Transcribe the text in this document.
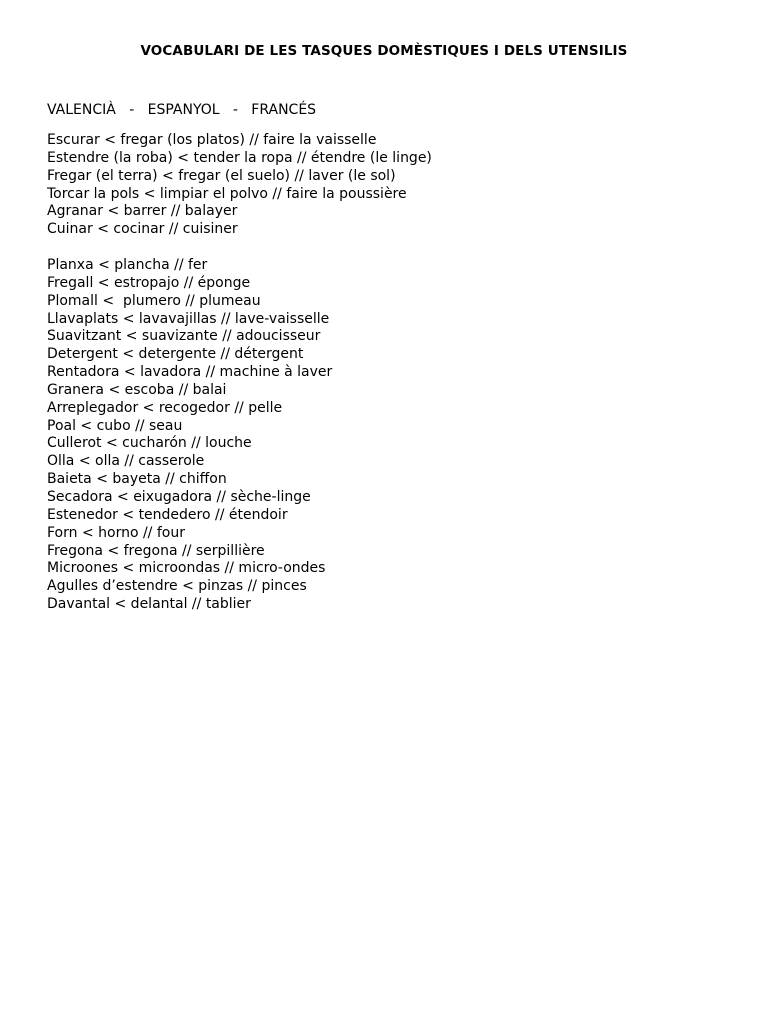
VOCABULARI DE LES TASQUES DOMÈSTIQUES I DELS UTENSILIS
VALENCIÀ   -   ESPANYOL   -   FRANCÉS
Escurar < fregar (los platos) // faire la vaisselle
Estendre (la roba) < tender la ropa // étendre (le linge)
Fregar (el terra) < fregar (el suelo) // laver (le sol)
Torcar la pols < limpiar el polvo // faire la poussière
Agranar < barrer // balayer
Cuinar < cocinar // cuisiner
Planxa < plancha // fer
Fregall < estropajo // éponge
Plomall <  plumero // plumeau
Llavaplats < lavavajillas // lave-vaisselle
Suavitzant < suavizante // adoucisseur
Detergent < detergente // détergent
Rentadora < lavadora // machine à laver
Granera < escoba // balai
Arreplegador < recogedor // pelle
Poal < cubo // seau
Cullerot < cucharón // louche
Olla < olla // casserole
Baieta < bayeta // chiffon
Secadora < eixugadora // sèche-linge
Estenedor < tendedero // étendoir
Forn < horno // four
Fregona < fregona // serpillière
Microones < microondas // micro-ondes
Agulles d’estendre < pinzas // pinces
Davantal < delantal // tablier
